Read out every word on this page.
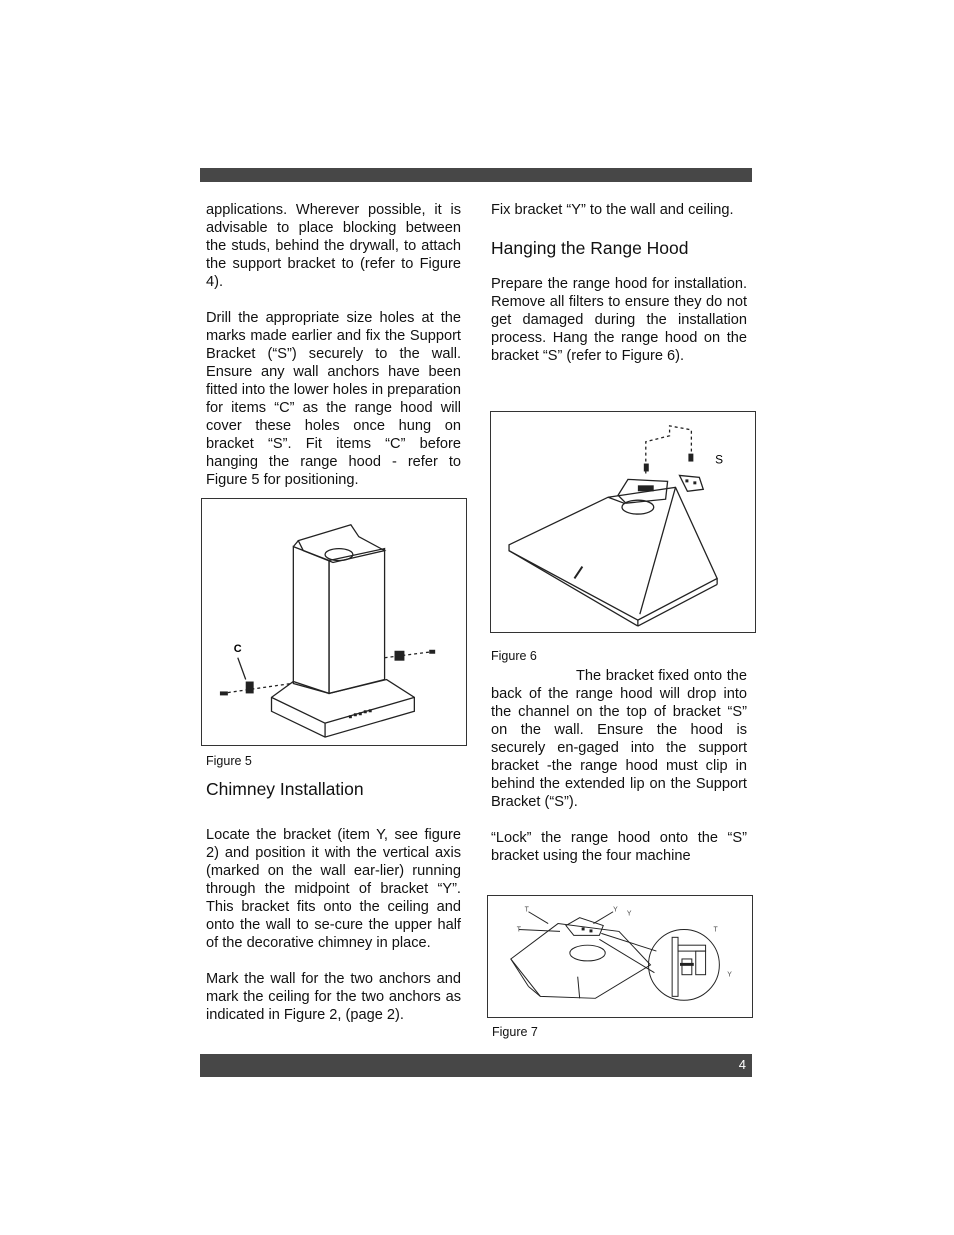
applications. Wherever possible, it is advisable to place blocking between the studs, behind the drywall, to attach the support bracket to (refer to Figure 4).

Drill the appropriate size holes at the marks made earlier and fix the Support Bracket (“S”) securely to the wall. Ensure any wall anchors have been fitted into the lower holes in preparation for items “C” as the range hood will cover these holes once hung on bracket “S”. Fit items “C” before hanging the range hood - refer to Figure 5 for positioning.

C
Figure 5
Chimney Installation

Locate the bracket (item Y, see figure 2) and position it with the vertical axis (marked on the wall ear-lier) running through the midpoint of bracket “Y”. This bracket fits onto the ceiling and onto the wall to se-cure the upper half of the decorative chimney in place.

Mark the wall for the two anchors and mark the ceiling for the two anchors as indicated in Figure 2, (page 2).

Fix bracket “Y” to the wall and ceiling.

Hanging the Range Hood

Prepare the range hood for installation. Remove all filters to ensure they do not get damaged during the installation process. Hang the range hood on the bracket “S” (refer to Figure 6).

S
Figure 6

The bracket fixed onto the back of the range hood will drop into the channel on the top of bracket “S” on the wall. Ensure the hood is securely en-gaged into the support bracket -the range hood must clip in behind the extended lip on the Support Bracket (“S”).

“Lock” the range hood onto the “S” bracket using the four machine

T
T
Y
Y
T
Y
Figure 7
4
